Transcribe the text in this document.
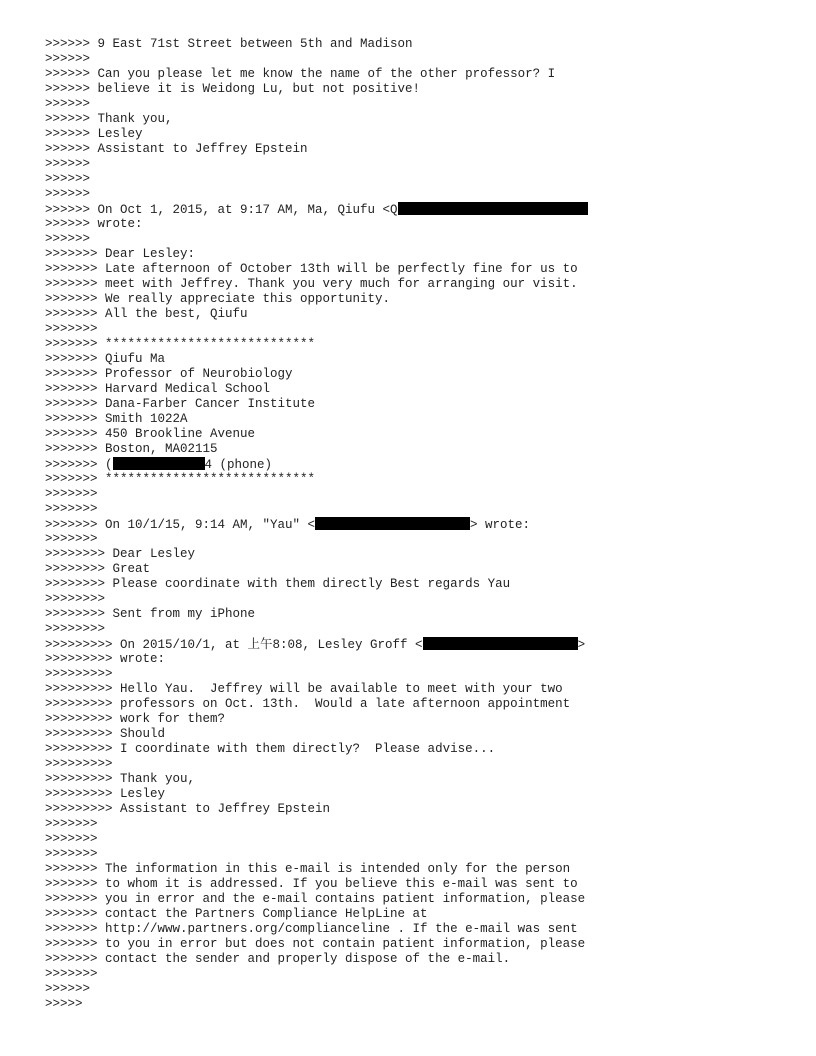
>>>>>> 9 East 71st Street between 5th and Madison
>>>>>>
>>>>>> Can you please let me know the name of the other professor? I
>>>>>> believe it is Weidong Lu, but not positive!
>>>>>>
>>>>>> Thank you,
>>>>>> Lesley
>>>>>> Assistant to Jeffrey Epstein
>>>>>>
>>>>>>
>>>>>>
>>>>>> On Oct 1, 2015, at 9:17 AM, Ma, Qiufu <Q
>>>>>> wrote:
>>>>>>
>>>>>>> Dear Lesley:
>>>>>>> Late afternoon of October 13th will be perfectly fine for us to
>>>>>>> meet with Jeffrey. Thank you very much for arranging our visit.
>>>>>>> We really appreciate this opportunity.
>>>>>>> All the best, Qiufu
>>>>>>>
>>>>>>> ****************************
>>>>>>> Qiufu Ma
>>>>>>> Professor of Neurobiology
>>>>>>> Harvard Medical School
>>>>>>> Dana-Farber Cancer Institute
>>>>>>> Smith 1022A
>>>>>>> 450 Brookline Avenue
>>>>>>> Boston, MA02115
>>>>>>> (	4 (phone)
>>>>>>> ****************************
>>>>>>>
>>>>>>>
>>>>>>> On 10/1/15, 9:14 AM, "Yau" <	> wrote:
>>>>>>>
>>>>>>>> Dear Lesley
>>>>>>>> Great
>>>>>>>> Please coordinate with them directly Best regards Yau
>>>>>>>>
>>>>>>>> Sent from my iPhone
>>>>>>>>
>>>>>>>>> On 2015/10/1, at 上午8:08, Lesley Groff <	>
>>>>>>>>> wrote:
>>>>>>>>>
>>>>>>>>> Hello Yau.  Jeffrey will be available to meet with your two
>>>>>>>>> professors on Oct. 13th.  Would a late afternoon appointment
>>>>>>>>> work for them?
>>>>>>>>> Should
>>>>>>>>> I coordinate with them directly?  Please advise...
>>>>>>>>>
>>>>>>>>> Thank you,
>>>>>>>>> Lesley
>>>>>>>>> Assistant to Jeffrey Epstein
>>>>>>>
>>>>>>>
>>>>>>>
>>>>>>> The information in this e-mail is intended only for the person
>>>>>>> to whom it is addressed. If you believe this e-mail was sent to
>>>>>>> you in error and the e-mail contains patient information, please
>>>>>>> contact the Partners Compliance HelpLine at
>>>>>>> http://www.partners.org/complianceline . If the e-mail was sent
>>>>>>> to you in error but does not contain patient information, please
>>>>>>> contact the sender and properly dispose of the e-mail.
>>>>>>>
>>>>>>
>>>>>
